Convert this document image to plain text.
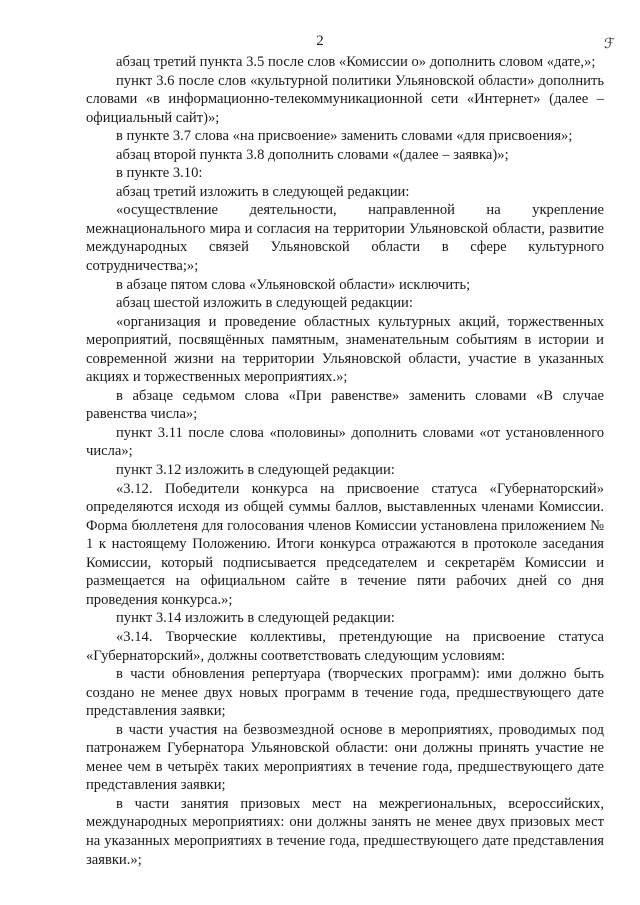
2	ℱ

абзац третий пункта 3.5 после слов «Комиссии о» дополнить словом «дате,»;

пункт 3.6 после слов «культурной политики Ульяновской области» дополнить словами «в информационно-телекоммуникационной сети «Интернет» (далее – официальный сайт)»;

в пункте 3.7 слова «на присвоение» заменить словами «для присвоения»;

абзац второй пункта 3.8 дополнить словами «(далее – заявка)»;

в пункте 3.10:

абзац третий изложить в следующей редакции:

«осуществление деятельности, направленной на укрепление межнационального мира и согласия на территории Ульяновской области, развитие международных связей Ульяновской области в сфере культурного сотрудничества;»;

в абзаце пятом слова «Ульяновской области» исключить;

абзац шестой изложить в следующей редакции:

«организация и проведение областных культурных акций, торжественных мероприятий, посвящённых памятным, знаменательным событиям в истории и современной жизни на территории Ульяновской области, участие в указанных акциях и торжественных мероприятиях.»;

в абзаце седьмом слова «При равенстве» заменить словами «В случае равенства числа»;

пункт 3.11 после слова «половины» дополнить словами «от установленного числа»;

пункт 3.12 изложить в следующей редакции:

«3.12. Победители конкурса на присвоение статуса «Губернаторский» определяются исходя из общей суммы баллов, выставленных членами Комиссии. Форма бюллетеня для голосования членов Комиссии установлена приложением № 1 к настоящему Положению. Итоги конкурса отражаются в протоколе заседания Комиссии, который подписывается председателем и секретарём Комиссии и размещается на официальном сайте в течение пяти рабочих дней со дня проведения конкурса.»;

пункт 3.14 изложить в следующей редакции:

«3.14. Творческие коллективы, претендующие на присвоение статуса «Губернаторский», должны соответствовать следующим условиям:

в части обновления репертуара (творческих программ): ими должно быть создано не менее двух новых программ в течение года, предшествующего дате представления заявки;

в части участия на безвозмездной основе в мероприятиях, проводимых под патронажем Губернатора Ульяновской области: они должны принять участие не менее чем в четырёх таких мероприятиях в течение года, предшествующего дате представления заявки;

в части занятия призовых мест на межрегиональных, всероссийских, международных мероприятиях: они должны занять не менее двух призовых мест на указанных мероприятиях в течение года, предшествующего дате представления заявки.»;
